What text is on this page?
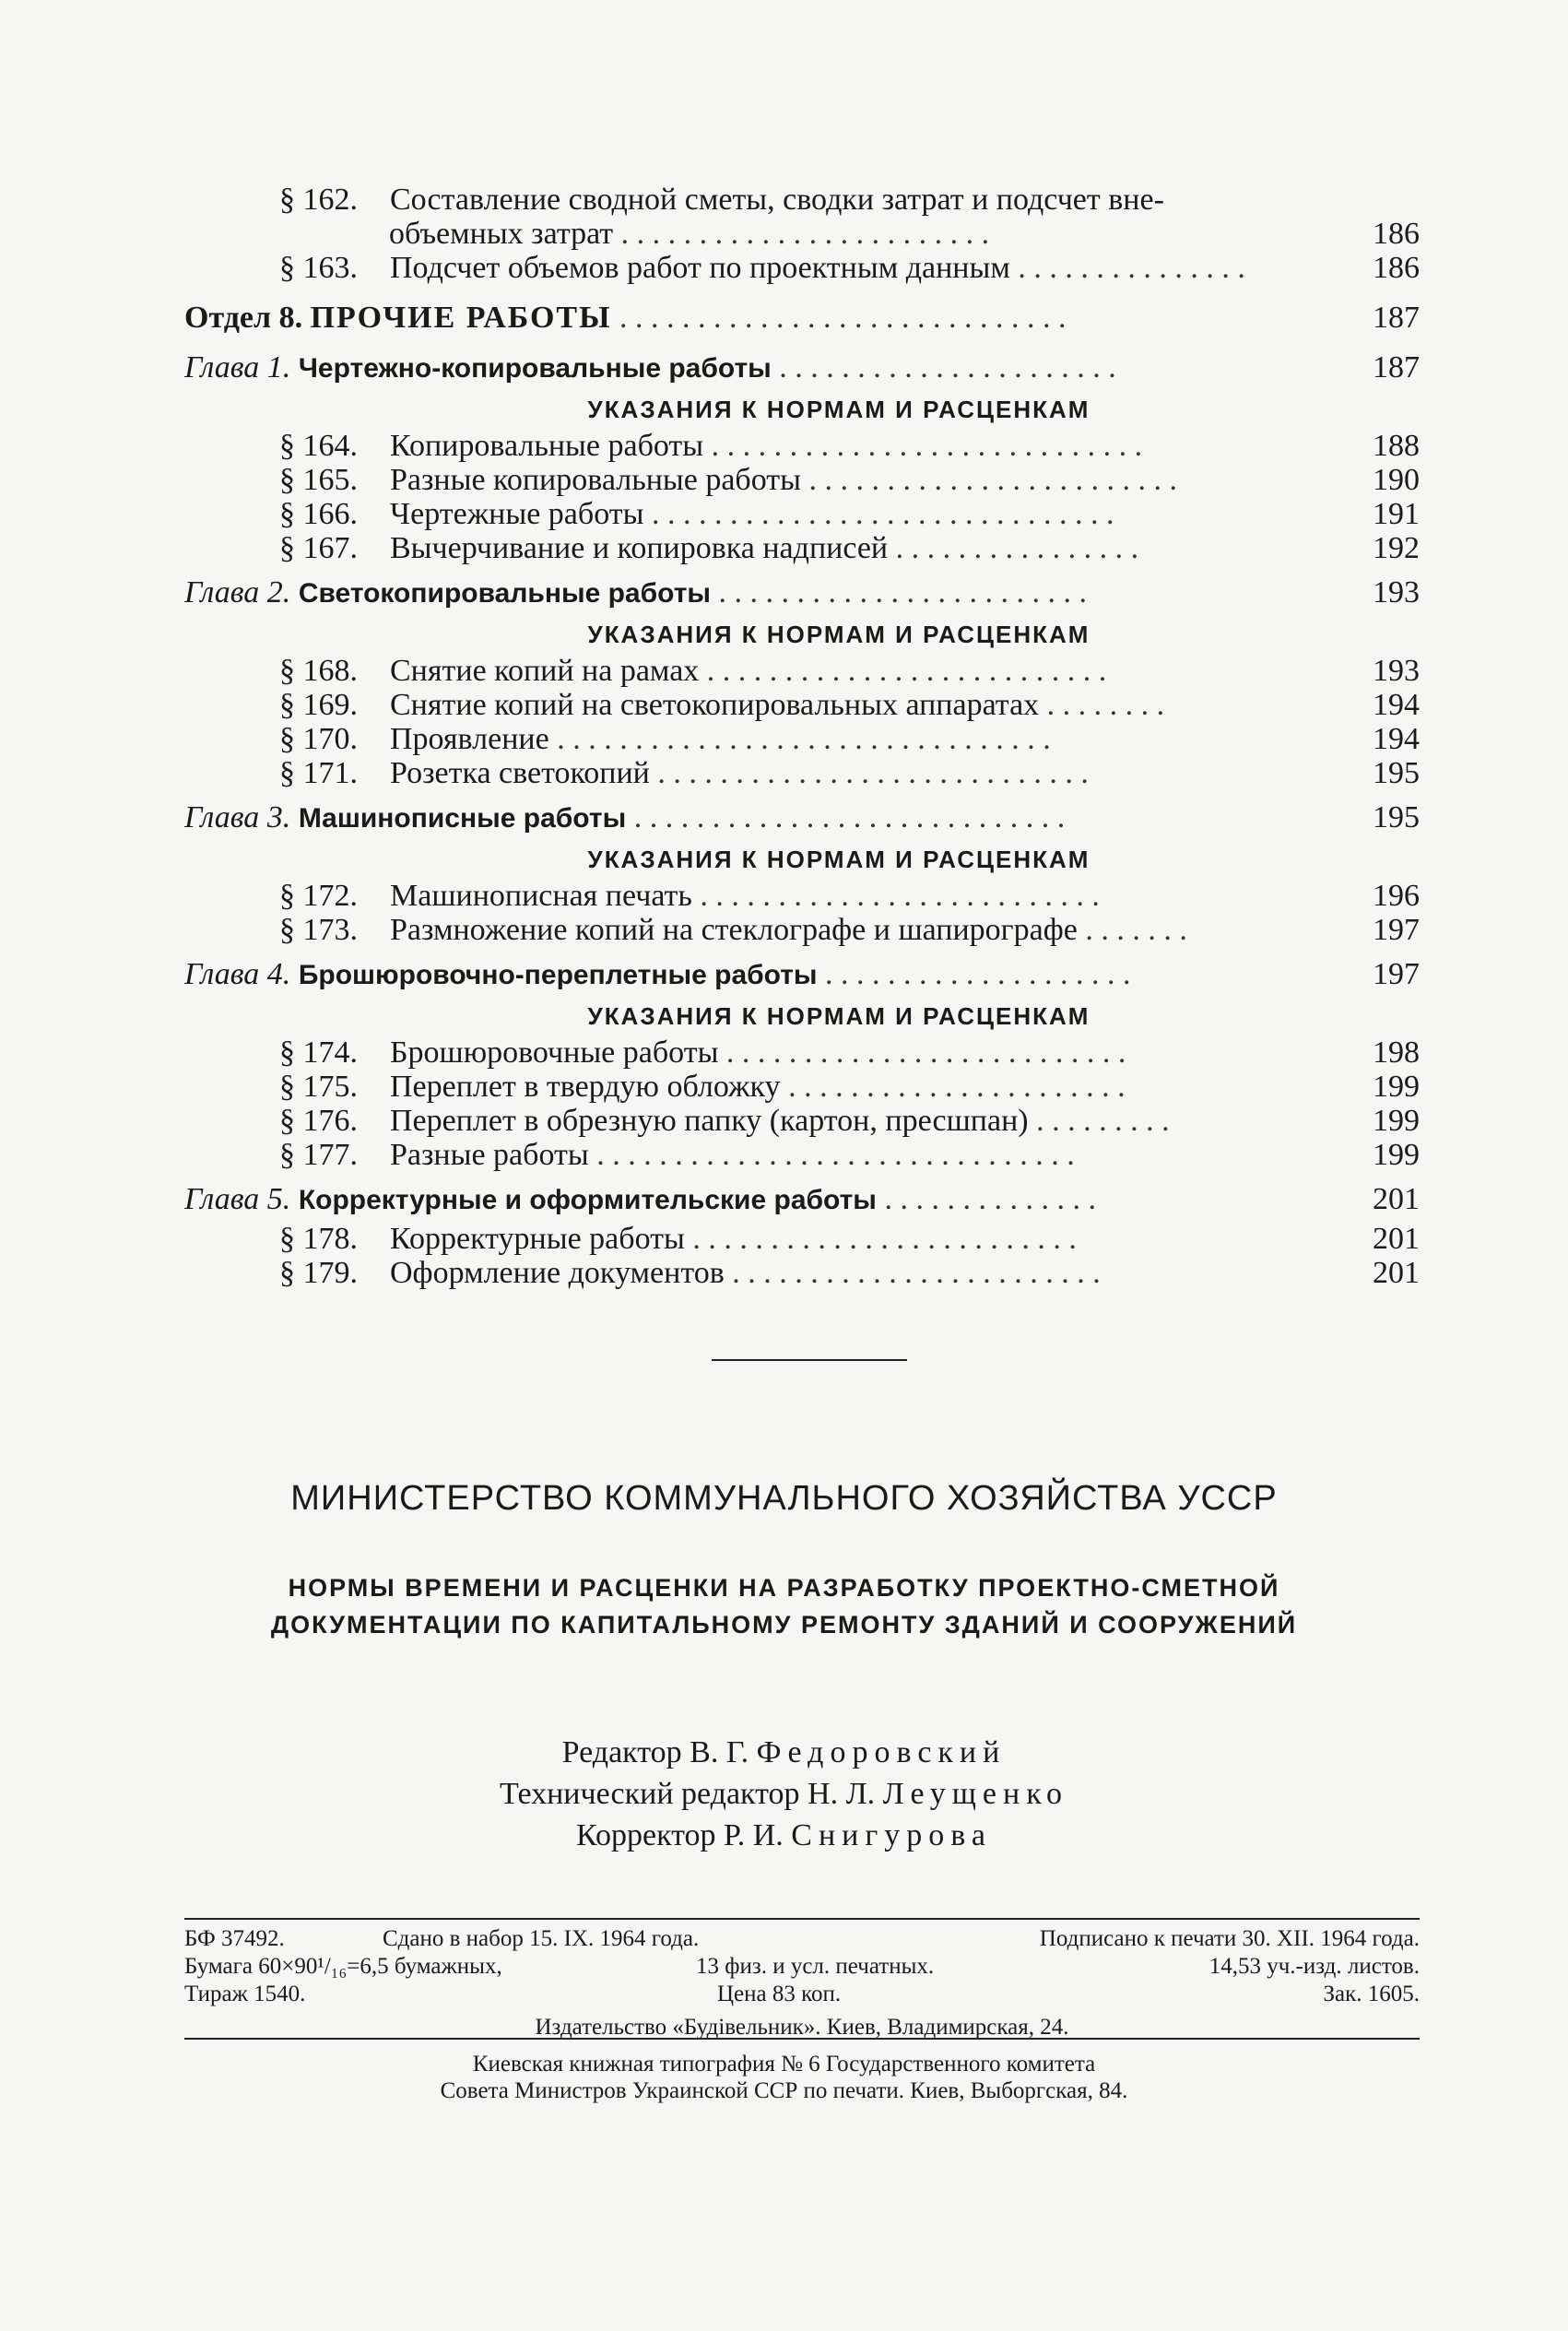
§ 162. Составление сводной сметы, сводки затрат и подсчет вне-
объемных затрат . . . . . . . . . . . . . . . . . . . . . . . .	186
§ 163. Подсчет объемов работ по проектным данным . . . . . . . . . . . . . . .	186
Отдел 8. ПРОЧИЕ РАБОТЫ . . . . . . . . . . . . . . . . . . . . . . . . . . . . .	187
Глава 1. Чертежно-копировальные работы . . . . . . . . . . . . . . . . . . . . . .	187
УКАЗАНИЯ К НОРМАМ И РАСЦЕНКАМ
§ 164. Копировальные работы . . . . . . . . . . . . . . . . . . . . . . . . . . . .	188
§ 165. Разные копировальные работы . . . . . . . . . . . . . . . . . . . . . . . .	190
§ 166. Чертежные работы . . . . . . . . . . . . . . . . . . . . . . . . . . . . . .	191
§ 167. Вычерчивание и копировка надписей . . . . . . . . . . . . . . . .	192
Глава 2. Светокопировальные работы . . . . . . . . . . . . . . . . . . . . . . . .	193
УКАЗАНИЯ К НОРМАМ И РАСЦЕНКАМ
§ 168. Снятие копий на рамах . . . . . . . . . . . . . . . . . . . . . . . . . .	193
§ 169. Снятие копий на светокопировальных аппаратах . . . . . . . .	194
§ 170. Проявление . . . . . . . . . . . . . . . . . . . . . . . . . . . . . . . .	194
§ 171. Розетка светокопий . . . . . . . . . . . . . . . . . . . . . . . . . . . .	195
Глава 3. Машинописные работы . . . . . . . . . . . . . . . . . . . . . . . . . . . .	195
УКАЗАНИЯ К НОРМАМ И РАСЦЕНКАМ
§ 172. Машинописная печать . . . . . . . . . . . . . . . . . . . . . . . . . .	196
§ 173. Размножение копий на стеклографе и шапирографе . . . . . . .	197
Глава 4. Брошюровочно-переплетные работы . . . . . . . . . . . . . . . . . . . .	197
УКАЗАНИЯ К НОРМАМ И РАСЦЕНКАМ
§ 174. Брошюровочные работы . . . . . . . . . . . . . . . . . . . . . . . . . .	198
§ 175. Переплет в твердую обложку . . . . . . . . . . . . . . . . . . . . . .	199
§ 176. Переплет в обрезную папку (картон, пресшпан) . . . . . . . . .	199
§ 177. Разные работы . . . . . . . . . . . . . . . . . . . . . . . . . . . . . . .	199
Глава 5. Корректурные и оформительские работы . . . . . . . . . . . . . .	201
§ 178. Корректурные работы . . . . . . . . . . . . . . . . . . . . . . . . .	201
§ 179. Оформление документов . . . . . . . . . . . . . . . . . . . . . . . .	201
МИНИСТЕРСТВО КОММУНАЛЬНОГО ХОЗЯЙСТВА УССР
НОРМЫ ВРЕМЕНИ И РАСЦЕНКИ НА РАЗРАБОТКУ ПРОЕКТНО-СМЕТНОЙ
ДОКУМЕНТАЦИИ ПО КАПИТАЛЬНОМУ РЕМОНТУ ЗДАНИЙ И СООРУЖЕНИЙ
Редактор В. Г. Федоровский
Технический редактор Н. Л. Леущенко
Корректор Р. И. Снигурова
БФ 37492.	Сдано в набор 15. IX. 1964 года.	Подписано к печати 30. XII. 1964 года.
Бумага 60×90¹/₁₆=6,5 бумажных,	13 физ. и усл. печатных.	14,53 уч.-изд. листов.
Тираж 1540.	Цена 83 коп.	Зак. 1605.
Издательство «Будівельник». Киев, Владимирская, 24.
Киевская книжная типография № 6 Государственного комитета
Совета Министров Украинской ССР по печати. Киев, Выборгская, 84.
